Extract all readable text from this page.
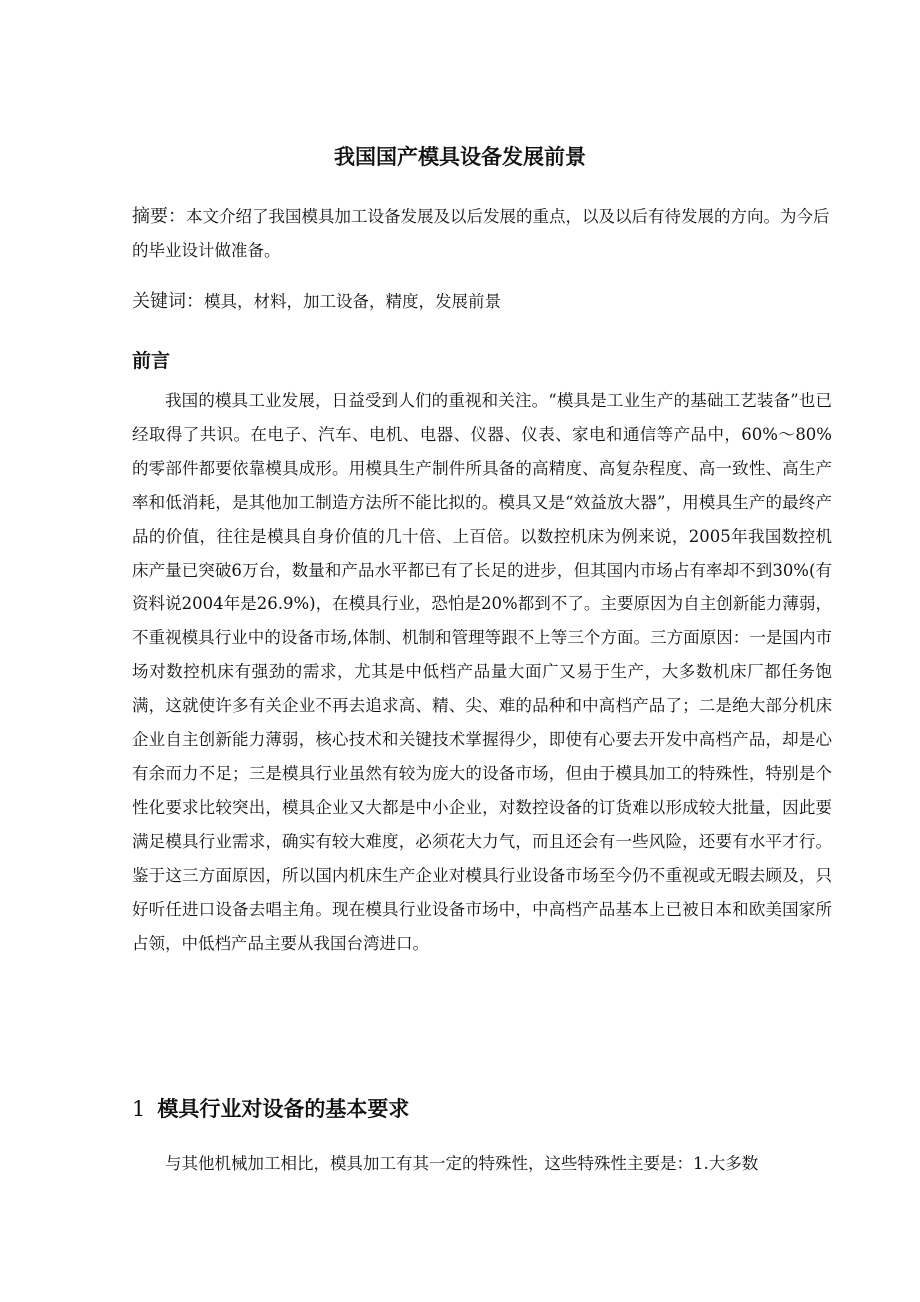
我国国产模具设备发展前景

摘要：本文介绍了我国模具加工设备发展及以后发展的重点，以及以后有待发展的方向。为今后的毕业设计做准备。

关键词：模具，材料，加工设备，精度，发展前景

前言

我国的模具工业发展，日益受到人们的重视和关注。“模具是工业生产的基础工艺装备”也已经取得了共识。在电子、汽车、电机、电器、仪器、仪表、家电和通信等产品中，60%～80%的零部件都要依靠模具成形。用模具生产制件所具备的高精度、高复杂程度、高一致性、高生产率和低消耗，是其他加工制造方法所不能比拟的。模具又是“效益放大器”，用模具生产的最终产品的价值，往往是模具自身价值的几十倍、上百倍。以数控机床为例来说，2005年我国数控机床产量已突破6万台，数量和产品水平都已有了长足的进步，但其国内市场占有率却不到30%(有资料说2004年是26.9%)，在模具行业，恐怕是20%都到不了。主要原因为自主创新能力薄弱，不重视模具行业中的设备市场,体制、机制和管理等跟不上等三个方面。三方面原因：一是国内市场对数控机床有强劲的需求，尤其是中低档产品量大面广又易于生产，大多数机床厂都任务饱满，这就使许多有关企业不再去追求高、精、尖、难的品种和中高档产品了；二是绝大部分机床企业自主创新能力薄弱，核心技术和关键技术掌握得少，即使有心要去开发中高档产品，却是心有余而力不足；三是模具行业虽然有较为庞大的设备市场，但由于模具加工的特殊性，特别是个性化要求比较突出，模具企业又大都是中小企业，对数控设备的订货难以形成较大批量，因此要满足模具行业需求，确实有较大难度，必须花大力气，而且还会有一些风险，还要有水平才行。鉴于这三方面原因，所以国内机床生产企业对模具行业设备市场至今仍不重视或无暇去顾及，只好听任进口设备去唱主角。现在模具行业设备市场中，中高档产品基本上已被日本和欧美国家所占领，中低档产品主要从我国台湾进口。

1 模具行业对设备的基本要求

与其他机械加工相比，模具加工有其一定的特殊性，这些特殊性主要是：1.大多数
